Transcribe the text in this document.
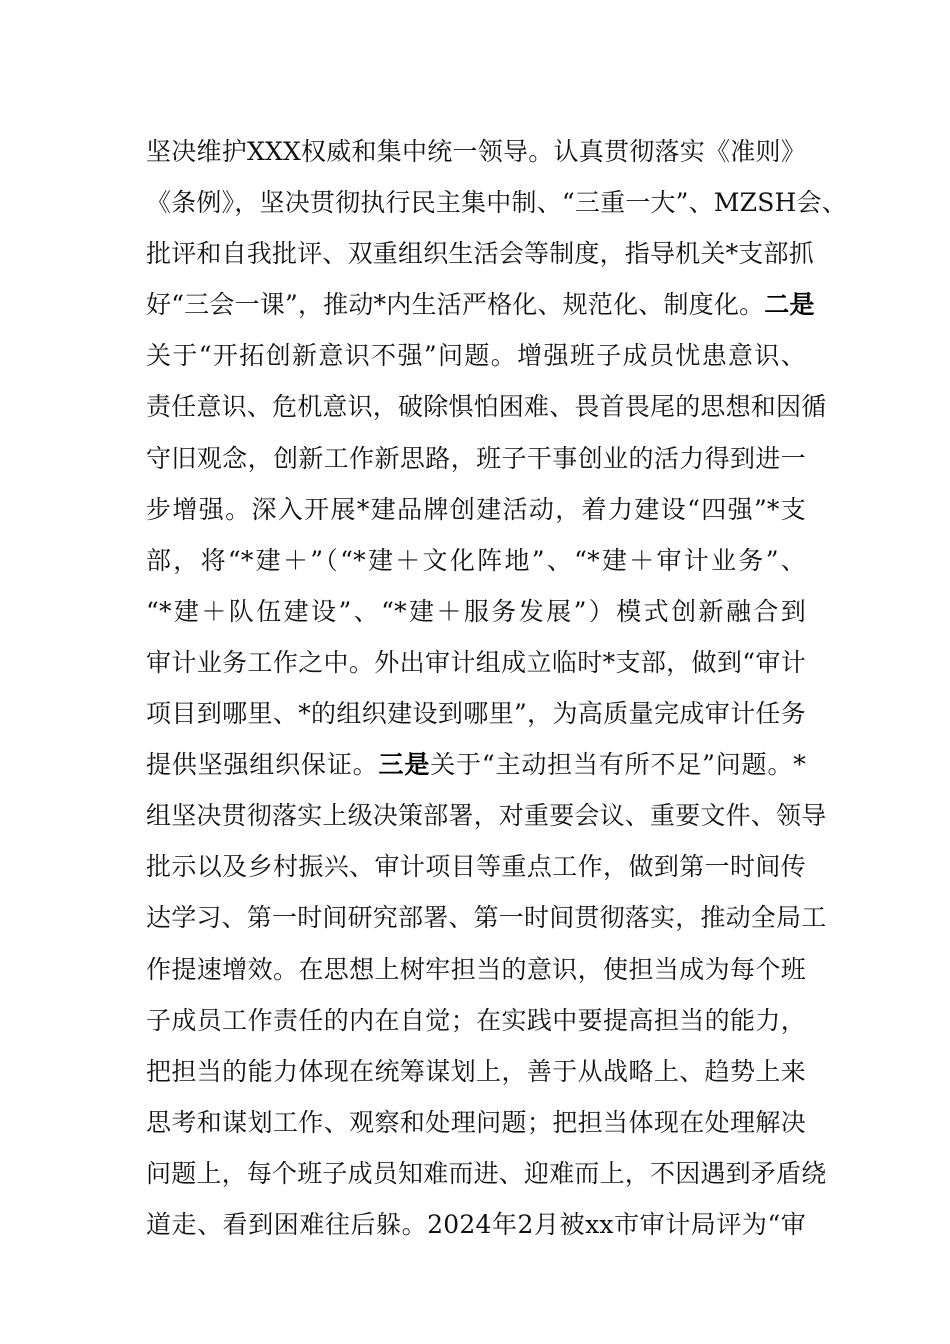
坚决维护XXX权威和集中统一领导。认真贯彻落实《准则》
《条例》，坚决贯彻执行民主集中制、“三重一大”、MZSH会、
批评和自我批评、双重组织生活会等制度，指导机关*支部抓
好“三会一课”，推动*内生活严格化、规范化、制度化。二是
关于“开拓创新意识不强”问题。增强班子成员忧患意识、
责任意识、危机意识，破除惧怕困难、畏首畏尾的思想和因循
守旧观念，创新工作新思路，班子干事创业的活力得到进一
步增强。深入开展*建品牌创建活动，着力建设“四强”*支
部，将“*建＋”（“*建＋文化阵地”、“*建＋审计业务”、
“*建＋队伍建设”、“*建＋服务发展”）模式创新融合到
审计业务工作之中。外出审计组成立临时*支部，做到“审计
项目到哪里、*的组织建设到哪里”，为高质量完成审计任务
提供坚强组织保证。三是关于“主动担当有所不足”问题。*
组坚决贯彻落实上级决策部署，对重要会议、重要文件、领导
批示以及乡村振兴、审计项目等重点工作，做到第一时间传
达学习、第一时间研究部署、第一时间贯彻落实，推动全局工
作提速增效。在思想上树牢担当的意识，使担当成为每个班
子成员工作责任的内在自觉；在实践中要提高担当的能力，
把担当的能力体现在统筹谋划上，善于从战略上、趋势上来
思考和谋划工作、观察和处理问题；把担当体现在处理解决
问题上，每个班子成员知难而进、迎难而上，不因遇到矛盾绕
道走、看到困难往后躲。2024年2月被xx市审计局评为“审
